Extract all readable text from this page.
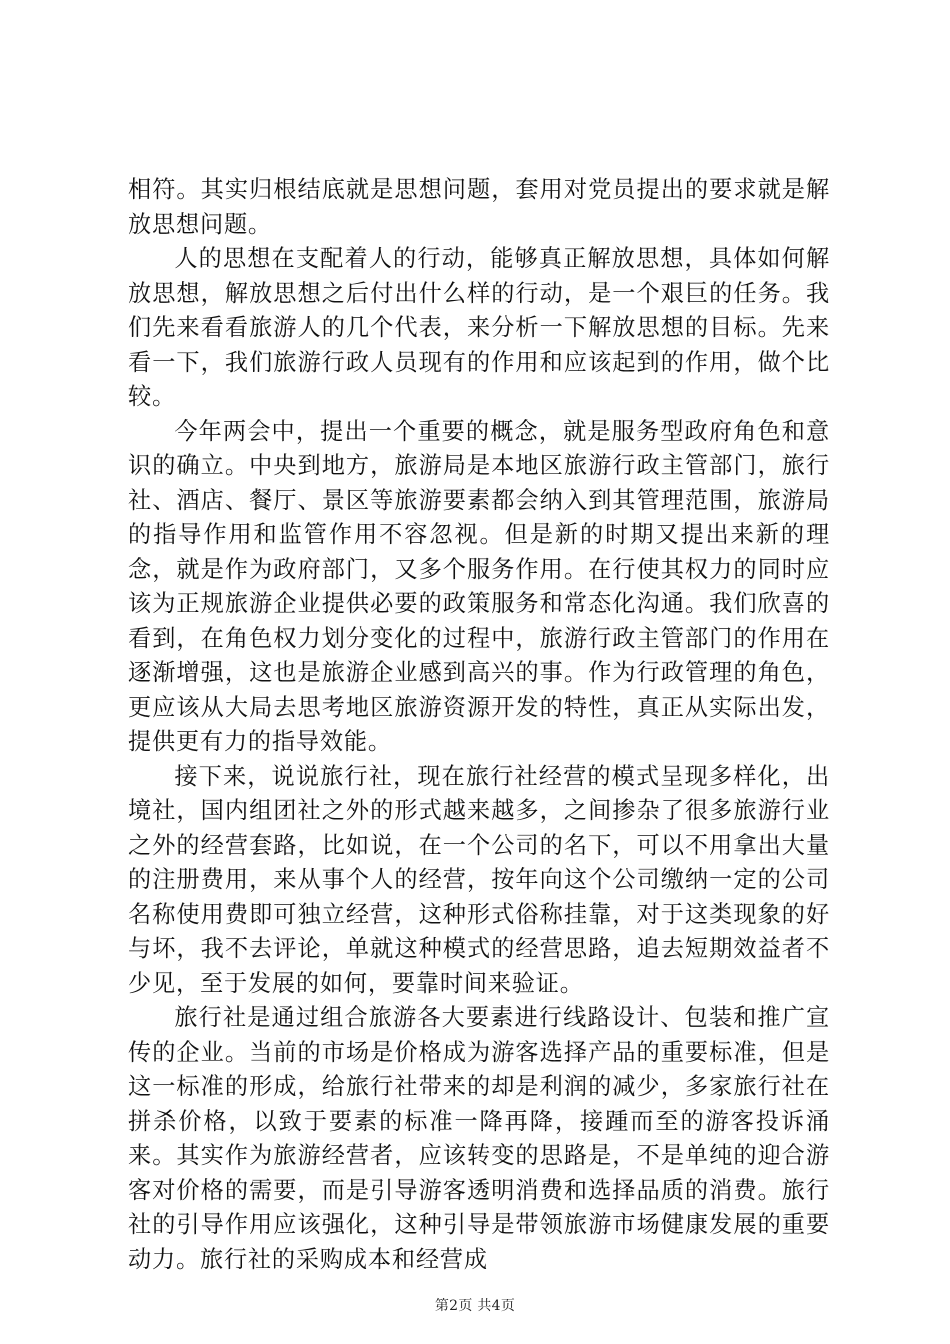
相符。其实归根结底就是思想问题，套用对党员提出的要求就是解放思想问题。

人的思想在支配着人的行动，能够真正解放思想，具体如何解放思想，解放思想之后付出什么样的行动，是一个艰巨的任务。我们先来看看旅游人的几个代表，来分析一下解放思想的目标。先来看一下，我们旅游行政人员现有的作用和应该起到的作用，做个比较。

今年两会中，提出一个重要的概念，就是服务型政府角色和意识的确立。中央到地方，旅游局是本地区旅游行政主管部门，旅行社、酒店、餐厅、景区等旅游要素都会纳入到其管理范围，旅游局的指导作用和监管作用不容忽视。但是新的时期又提出来新的理念，就是作为政府部门，又多个服务作用。在行使其权力的同时应该为正规旅游企业提供必要的政策服务和常态化沟通。我们欣喜的看到，在角色权力划分变化的过程中，旅游行政主管部门的作用在逐渐增强，这也是旅游企业感到高兴的事。作为行政管理的角色，更应该从大局去思考地区旅游资源开发的特性，真正从实际出发，提供更有力的指导效能。

接下来，说说旅行社，现在旅行社经营的模式呈现多样化，出境社，国内组团社之外的形式越来越多，之间掺杂了很多旅游行业之外的经营套路，比如说，在一个公司的名下，可以不用拿出大量的注册费用，来从事个人的经营，按年向这个公司缴纳一定的公司名称使用费即可独立经营，这种形式俗称挂靠，对于这类现象的好与坏，我不去评论，单就这种模式的经营思路，追去短期效益者不少见，至于发展的如何，要靠时间来验证。

旅行社是通过组合旅游各大要素进行线路设计、包装和推广宣传的企业。当前的市场是价格成为游客选择产品的重要标准，但是这一标准的形成，给旅行社带来的却是利润的减少，多家旅行社在拼杀价格，以致于要素的标准一降再降，接踵而至的游客投诉涌来。其实作为旅游经营者，应该转变的思路是，不是单纯的迎合游客对价格的需要，而是引导游客透明消费和选择品质的消费。旅行社的引导作用应该强化，这种引导是带领旅游市场健康发展的重要动力。旅行社的采购成本和经营成

第2页 共4页
